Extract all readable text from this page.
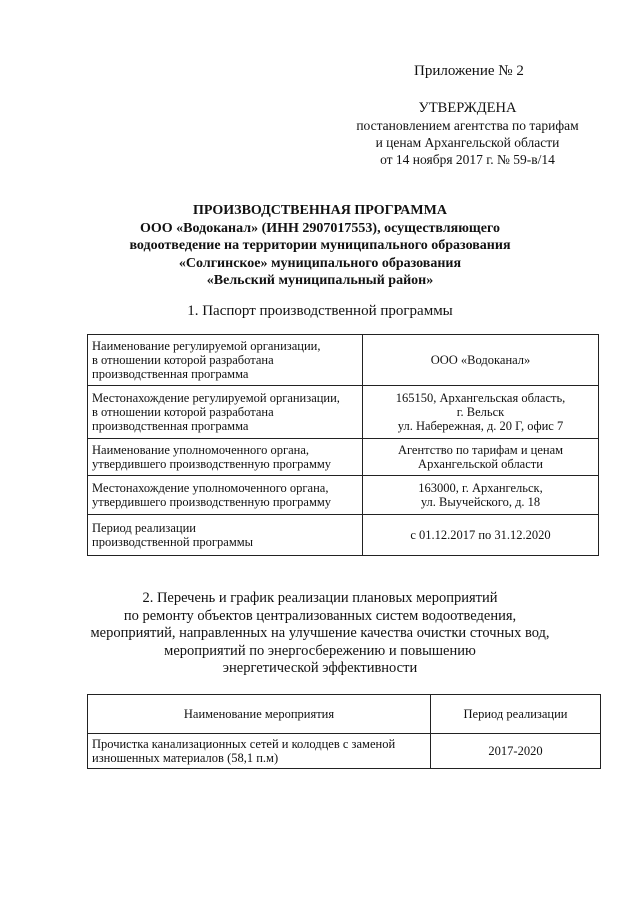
Приложение № 2
УТВЕРЖДЕНА
постановлением агентства по тарифам
и ценам Архангельской области
от 14 ноября 2017 г. № 59-в/14
ПРОИЗВОДСТВЕННАЯ ПРОГРАММА
ООО «Водоканал» (ИНН 2907017553), осуществляющего
водоотведение на территории муниципального образования
«Солгинское» муниципального образования
«Вельский муниципальный район»
1. Паспорт производственной программы
Наименование регулируемой организации,
в отношении которой разработана
производственная программа	ООО «Водоканал»

Местонахождение регулируемой организации,
в отношении которой разработана
производственная программа	165150, Архангельская область,
г. Вельск
ул. Набережная, д. 20 Г, офис 7

Наименование уполномоченного органа,
утвердившего производственную программу	Агентство по тарифам и ценам
Архангельской области

Местонахождение уполномоченного органа,
утвердившего производственную программу	163000, г. Архангельск,
ул. Выучейского, д. 18

Период реализации
производственной программы	с 01.12.2017 по 31.12.2020
2. Перечень и график реализации плановых мероприятий
по ремонту объектов централизованных систем водоотведения,
мероприятий, направленных на улучшение качества очистки сточных вод,
мероприятий по энергосбережению и повышению
энергетической эффективности
Наименование мероприятия	Период реализации

Прочистка канализационных сетей и колодцев с заменой
изношенных материалов (58,1 п.м)	2017-2020
